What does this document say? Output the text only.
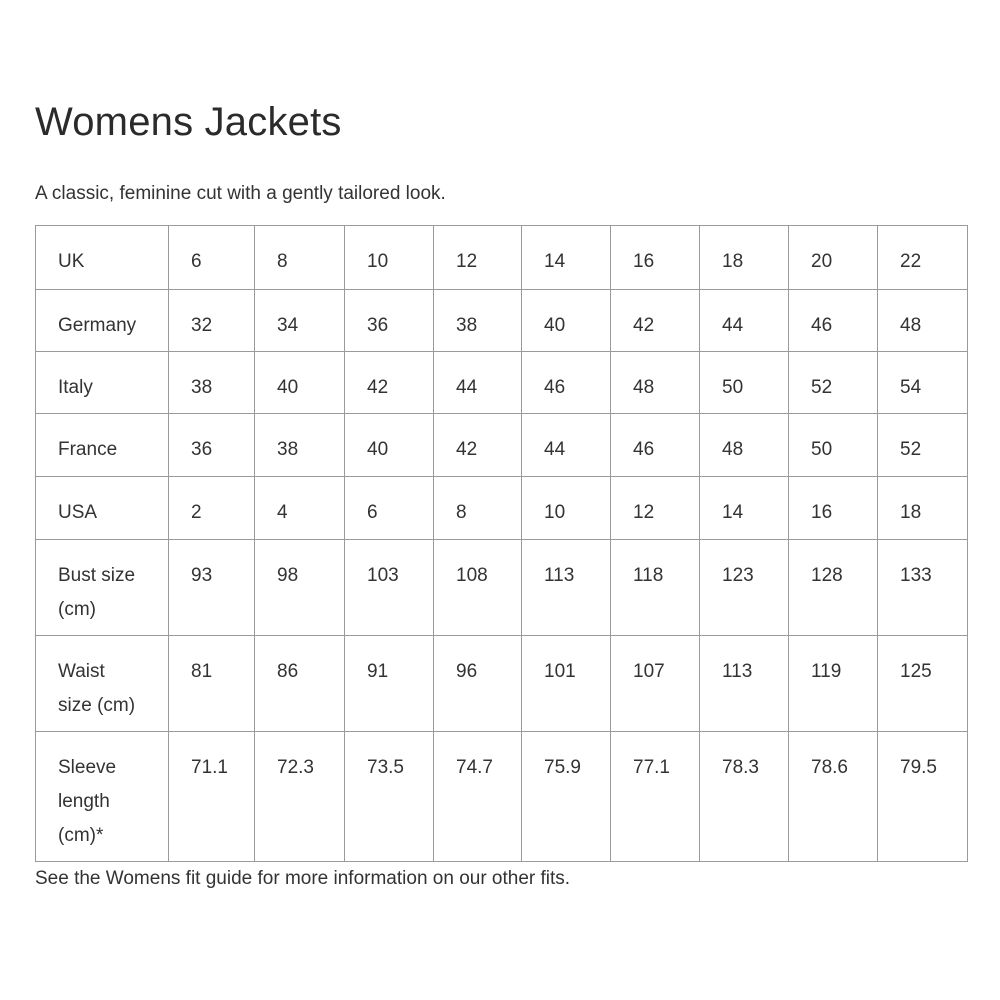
Womens Jackets

A classic, feminine cut with a gently tailored look.

UK	6	8	10	12	14	16	18	20	22

Germany	32	34	36	38	40	42	44	46	48

Italy	38	40	42	44	46	48	50	52	54

France	36	38	40	42	44	46	48	50	52

USA	2	4	6	8	10	12	14	16	18

Bust size
(cm)	93	98	103	108	113	118	123	128	133

Waist
size (cm)	81	86	91	96	101	107	113	119	125

Sleeve
length
(cm)*	71.1	72.3	73.5	74.7	75.9	77.1	78.3	78.6	79.5

See the Womens fit guide for more information on our other fits.
